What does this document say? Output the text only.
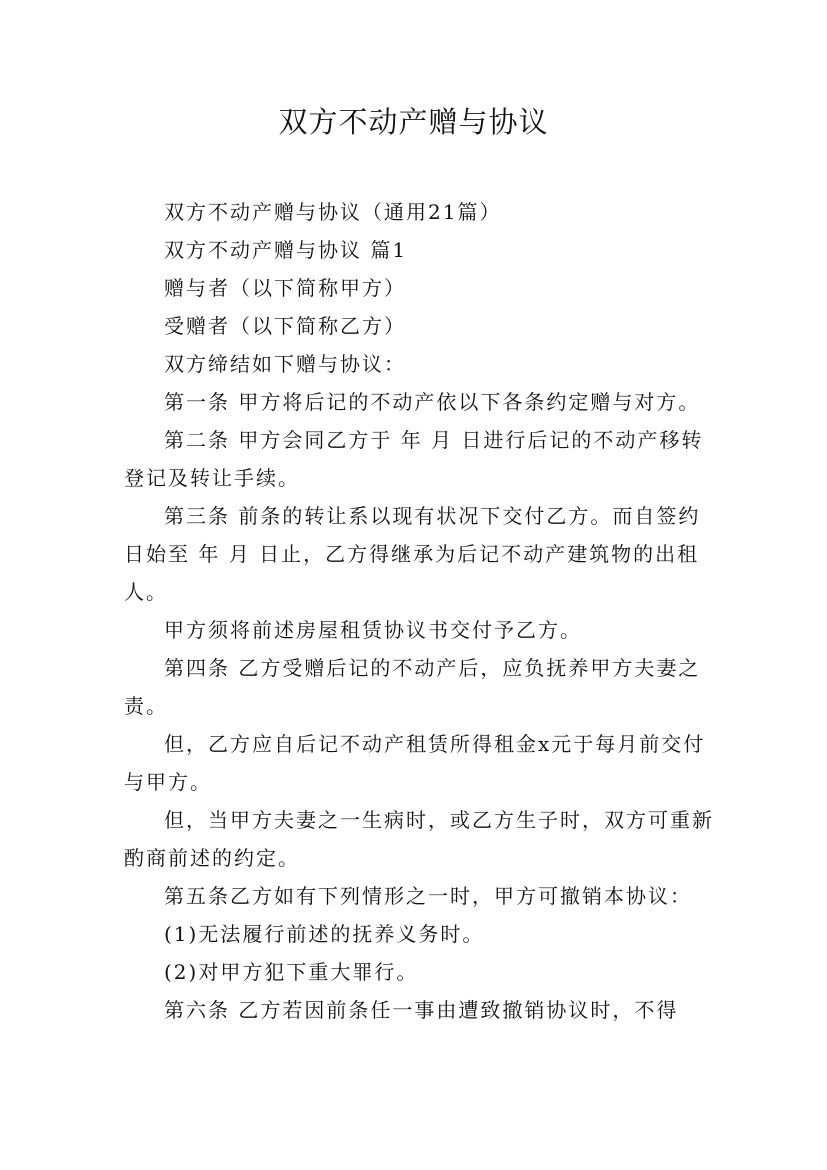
双方不动产赠与协议

双方不动产赠与协议（通用21篇）

双方不动产赠与协议 篇1

赠与者（以下简称甲方）

受赠者（以下简称乙方）

双方缔结如下赠与协议：

第一条 甲方将后记的不动产依以下各条约定赠与对方。

第二条 甲方会同乙方于 年 月 日进行后记的不动产移转登记及转让手续。

第三条 前条的转让系以现有状况下交付乙方。而自签约日始至 年 月 日止，乙方得继承为后记不动产建筑物的出租人。

甲方须将前述房屋租赁协议书交付予乙方。

第四条 乙方受赠后记的不动产后，应负抚养甲方夫妻之责。

但，乙方应自后记不动产租赁所得租金x元于每月前交付与甲方。

但，当甲方夫妻之一生病时，或乙方生子时，双方可重新酌商前述的约定。

第五条乙方如有下列情形之一时，甲方可撤销本协议：

(1)无法履行前述的抚养义务时。

(2)对甲方犯下重大罪行。

第六条 乙方若因前条任一事由遭致撤销协议时，不得
